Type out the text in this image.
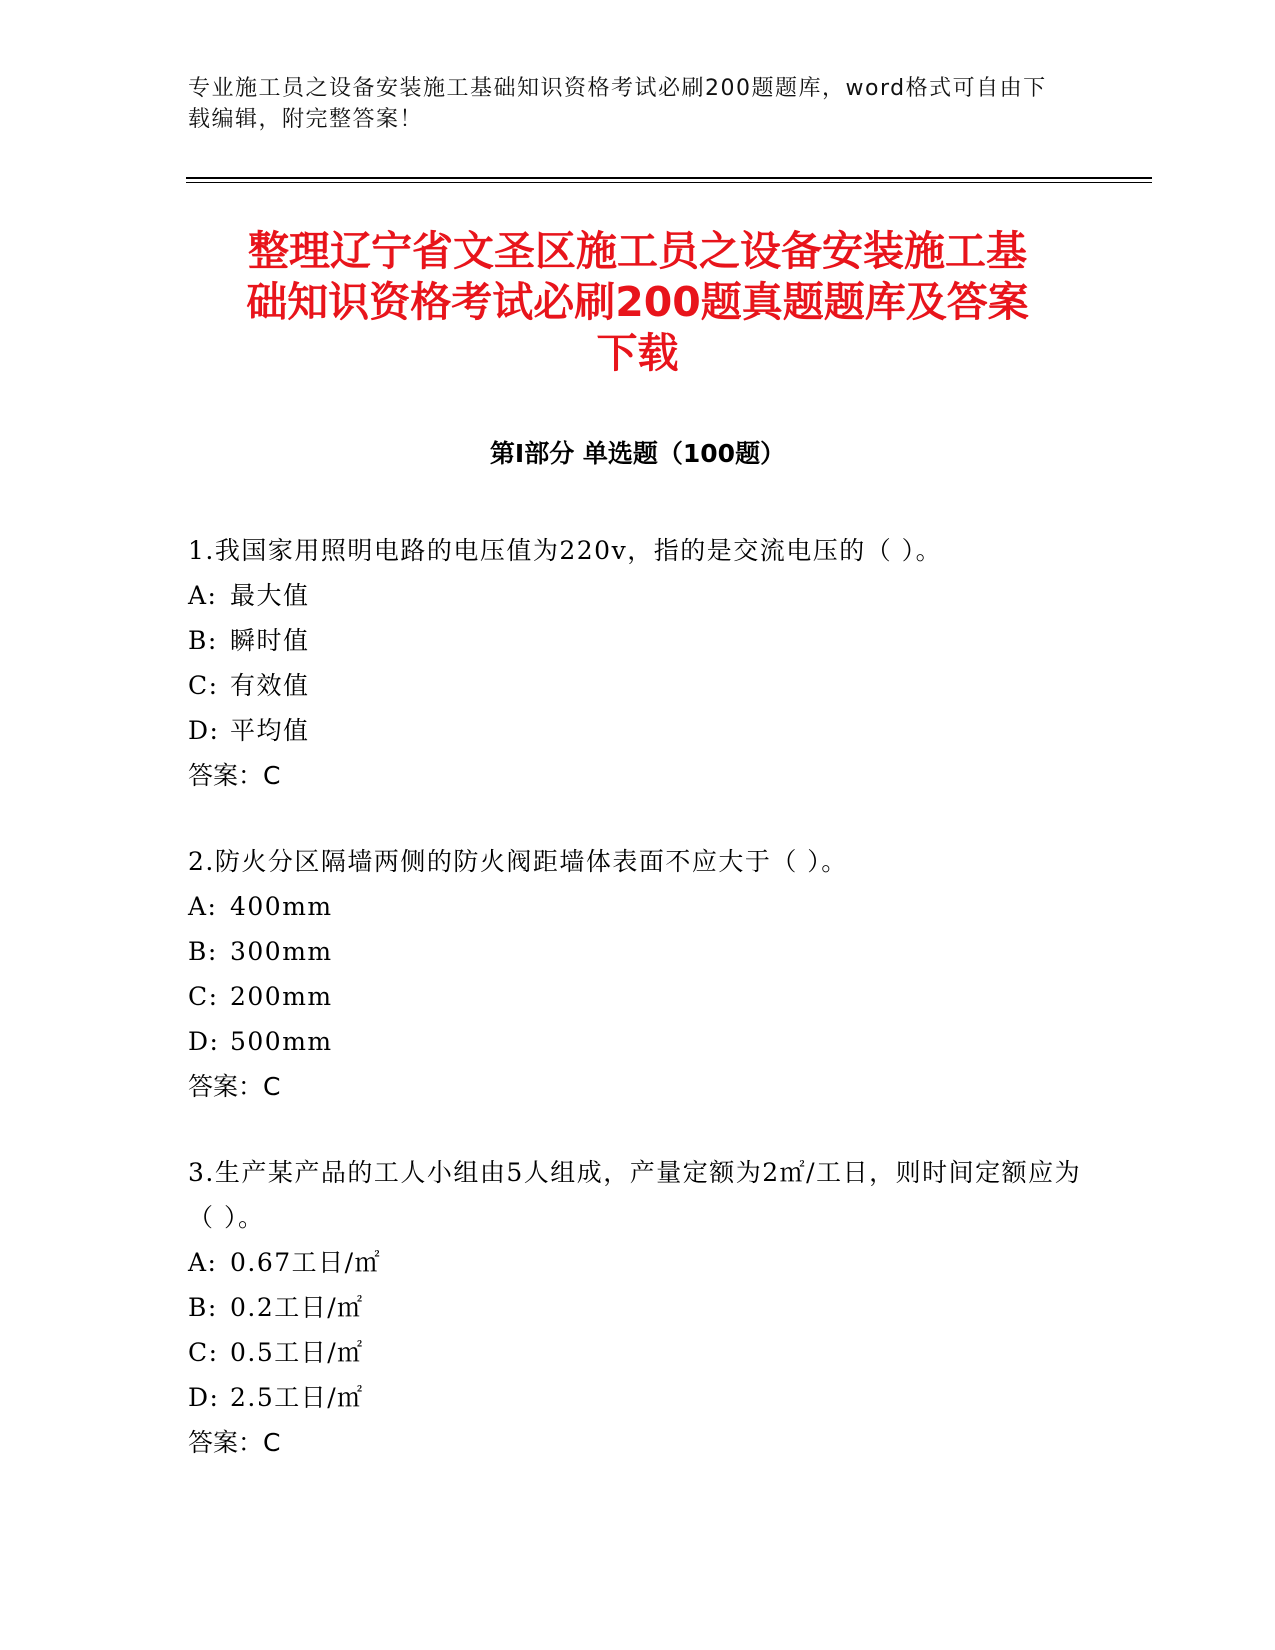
专业施工员之设备安装施工基础知识资格考试必刷200题题库，word格式可自由下载编辑，附完整答案！
整理辽宁省文圣区施工员之设备安装施工基
础知识资格考试必刷200题真题题库及答案
下载
第Ⅰ部分 单选题（100题）

1.我国家用照明电路的电压值为220v，指的是交流电压的（ ）。

A: 最大值
B: 瞬时值
C: 有效值
D: 平均值

答案：C

2.防火分区隔墙两侧的防火阀距墙体表面不应大于（ ）。

A: 400mm
B: 300mm
C: 200mm
D: 500mm

答案：C

3.生产某产品的工人小组由5人组成，产量定额为2㎡/工日，则时间定额应为（ ）。

A: 0.67工日/㎡
B: 0.2工日/㎡
C: 0.5工日/㎡
D: 2.5工日/㎡

答案：C
